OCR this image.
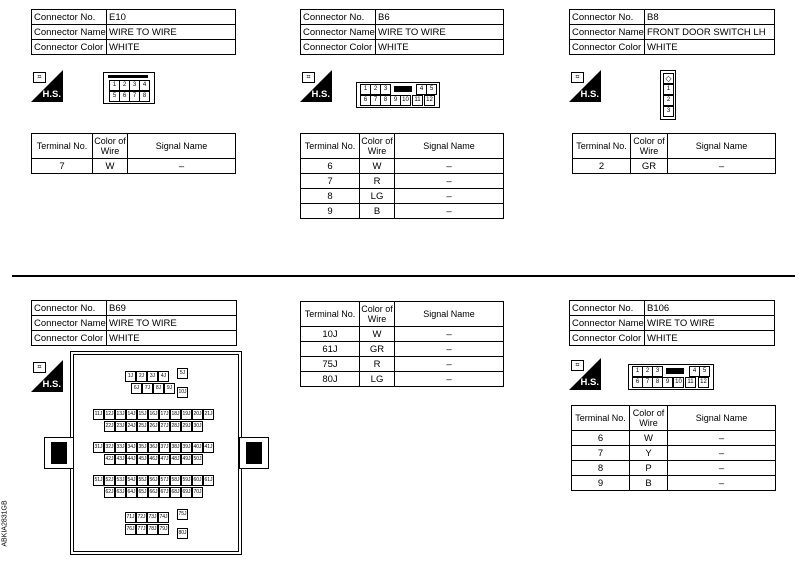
Connector No.	E10
Connector Name	WIRE TO WIRE
Connector Color	WHITE
⌗
H.S.
1	2	3	4
5	6	7	8
Terminal No.	Color of Wire	Signal Name
7	W	–
Connector No.	B6
Connector Name	WIRE TO WIRE
Connector Color	WHITE
⌗
H.S.	1	2	3	4	5
6	7	8	9 10 11 12
Terminal No.	Color of Wire	Signal Name
6	W	–
7	R	–
8	LG	–
9	B	–
Connector No.	B8
Connector Name	FRONT DOOR SWITCH LH
Connector Color	WHITE
⌗
H.S.
◇
1
2
3
Terminal No.	Color of Wire	Signal Name
2	GR	–
Connector No.	B69
Connector Name	WIRE TO WIRE
Connector Color	WHITE
⌗
H.S.
1J	2J	3J	4J
6J	7J	8J	9J
5J
10J
11J 12J 13J 14J 15J 16J 17J 18J 19J 20J 21J
22J 23J 24J 25J 26J 27J 28J 29J 30J
31J 32J 33J 34J 35J 36J 37J 38J 39J 40J 41J
42J 43J 44J 45J 46J 47J 48J 49J 50J
51J 52J 53J 54J 55J 56J 57J 58J 59J 60J 61J
62J 63J 64J 65J 66J 67J 68J 69J 70J
71J 72J 73J 74J
76J 77J 78J 79J
75J
80J
Terminal No.	Color of Wire	Signal Name
10J	W	–
61J	GR	–
75J	R	–
80J	LG	–
Connector No.	B106
Connector Name	WIRE TO WIRE
Connector Color	WHITE
⌗
H.S.
1	2	3	4	5
6	7	8	9 10 11	12
Terminal No.	Color of Wire	Signal Name
6	W	–
7	Y	–
8	P	–
9	B	–
ABKIA2831GB
